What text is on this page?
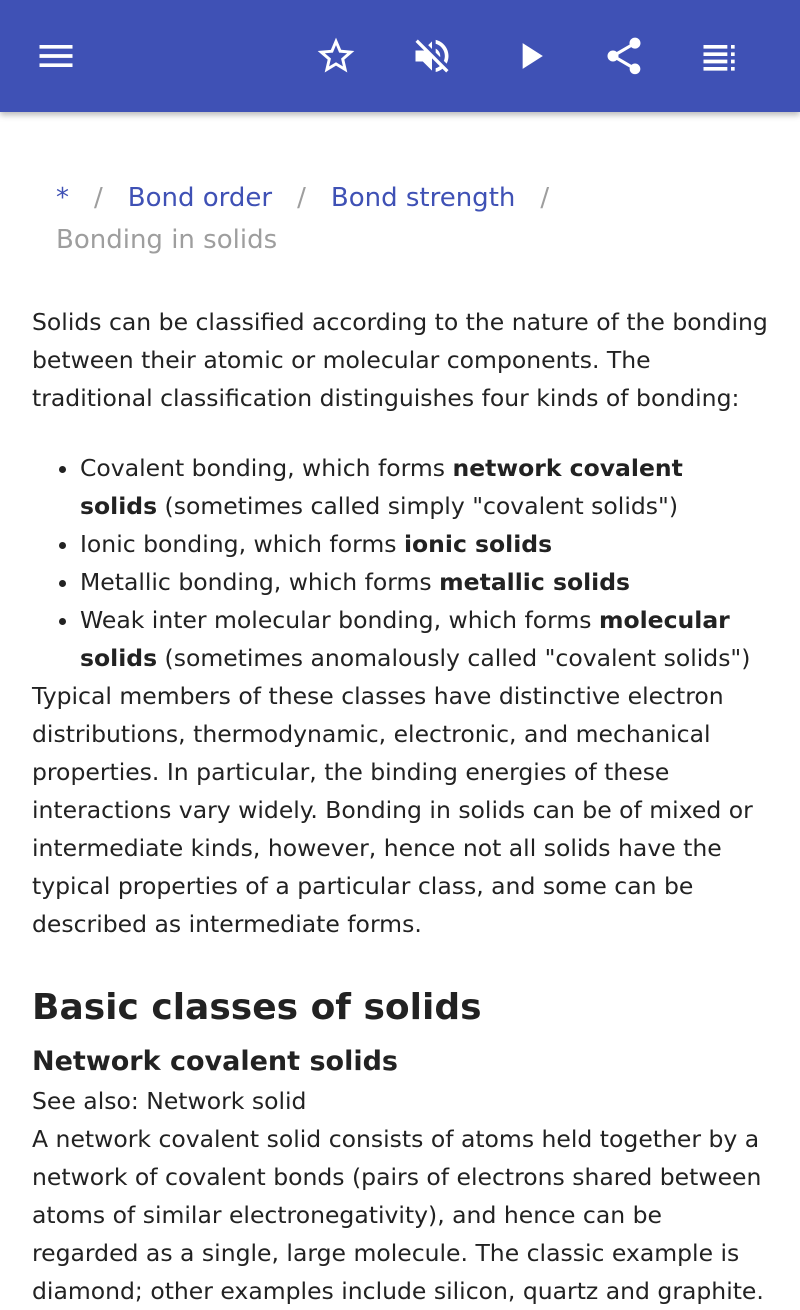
* / Bond order / Bond strength /
Bonding in solids

Solids can be classified according to the nature of the bonding between their atomic or molecular components. The traditional classification distinguishes four kinds of bonding:

• Covalent bonding, which forms network covalent solids (sometimes called simply "covalent solids")
• Ionic bonding, which forms ionic solids
• Metallic bonding, which forms metallic solids
• Weak inter molecular bonding, which forms molecular solids (sometimes anomalously called "covalent solids")

Typical members of these classes have distinctive electron distributions, thermodynamic, electronic, and mechanical properties. In particular, the binding energies of these interactions vary widely. Bonding in solids can be of mixed or intermediate kinds, however, hence not all solids have the typical properties of a particular class, and some can be described as intermediate forms.

Basic classes of solids
Network covalent solids

See also: Network solid

A network covalent solid consists of atoms held together by a network of covalent bonds (pairs of electrons shared between atoms of similar electronegativity), and hence can be regarded as a single, large molecule. The classic example is diamond; other examples include silicon, quartz and graphite.
